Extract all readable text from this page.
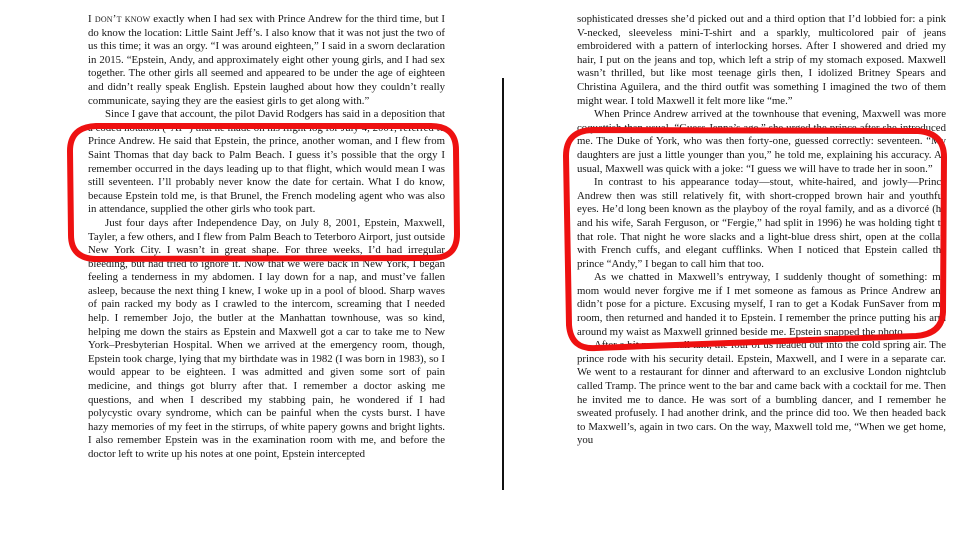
I don’t know exactly when I had sex with Prince Andrew for the third time, but I do know the location: Little Saint Jeff’s. I also know that it was not just the two of us this time; it was an orgy. “I was around eighteen,” I said in a sworn declaration in 2015. “Epstein, Andy, and approximately eight other young girls, and I had sex together. The other girls all seemed and appeared to be under the age of eighteen and didn’t really speak English. Epstein laughed about how they couldn’t really communicate, saying they are the easiest girls to get along with.”

Since I gave that account, the pilot David Rodgers has said in a deposition that a coded notation (“AP”) that he made on his flight log for July 4, 2001, referred to Prince Andrew. He said that Epstein, the prince, another woman, and I flew from Saint Thomas that day back to Palm Beach. I guess it’s possible that the orgy I remember occurred in the days leading up to that flight, which would mean I was still seventeen. I’ll probably never know the date for certain. What I do know, because Epstein told me, is that Brunel, the French modeling agent who was also in attendance, supplied the other girls who took part.

Just four days after Independence Day, on July 8, 2001, Epstein, Maxwell, Tayler, a few others, and I flew from Palm Beach to Teterboro Airport, just outside New York City. I wasn’t in great shape. For three weeks, I’d had irregular bleeding, but had tried to ignore it. Now that we were back in New York, I began feeling a tenderness in my abdomen. I lay down for a nap, and must’ve fallen asleep, because the next thing I knew, I woke up in a pool of blood. Sharp waves of pain racked my body as I crawled to the intercom, screaming that I needed help. I remember Jojo, the butler at the Manhattan townhouse, was so kind, helping me down the stairs as Epstein and Maxwell got a car to take me to New York–Presbyterian Hospital. When we arrived at the emergency room, though, Epstein took charge, lying that my birthdate was in 1982 (I was born in 1983), so I would appear to be eighteen. I was admitted and given some sort of pain medicine, and things got blurry after that. I remember a doctor asking me questions, and when I described my stabbing pain, he wondered if I had polycystic ovary syndrome, which can be painful when the cysts burst. I have hazy memories of my feet in the stirrups, of white papery gowns and bright lights. I also remember Epstein was in the examination room with me, and before the doctor left to write up his notes at one point, Epstein intercepted

sophisticated dresses she’d picked out and a third option that I’d lobbied for: a pink V-necked, sleeveless mini-T-shirt and a sparkly, multicolored pair of jeans embroidered with a pattern of interlocking horses. After I showered and dried my hair, I put on the jeans and top, which left a strip of my stomach exposed. Maxwell wasn’t thrilled, but like most teenage girls then, I idolized Britney Spears and Christina Aguilera, and the third outfit was something I imagined the two of them might wear. I told Maxwell it felt more like “me.”

When Prince Andrew arrived at the townhouse that evening, Maxwell was more coquettish than usual. “Guess Jenna’s age,” she urged the prince after she introduced me. The Duke of York, who was then forty-one, guessed correctly: seventeen. “My daughters are just a little younger than you,” he told me, explaining his accuracy. As usual, Maxwell was quick with a joke: “I guess we will have to trade her in soon.”

In contrast to his appearance today—stout, white-haired, and jowly—Prince Andrew then was still relatively fit, with short-cropped brown hair and youthful eyes. He’d long been known as the playboy of the royal family, and as a divorcé (he and his wife, Sarah Ferguson, or “Fergie,” had split in 1996) he was holding tight to that role. That night he wore slacks and a light-blue dress shirt, open at the collar, with French cuffs, and elegant cufflinks. When I noticed that Epstein called the prince “Andy,” I began to call him that too.

As we chatted in Maxwell’s entryway, I suddenly thought of something: my mom would never forgive me if I met someone as famous as Prince Andrew and didn’t pose for a picture. Excusing myself, I ran to get a Kodak FunSaver from my room, then returned and handed it to Epstein. I remember the prince putting his arm around my waist as Maxwell grinned beside me. Epstein snapped the photo.

After a bit more small talk, the four of us headed out into the cold spring air. The prince rode with his security detail. Epstein, Maxwell, and I were in a separate car. We went to a restaurant for dinner and afterward to an exclusive London nightclub called Tramp. The prince went to the bar and came back with a cocktail for me. Then he invited me to dance. He was sort of a bumbling dancer, and I remember he sweated profusely. I had another drink, and the prince did too. We then headed back to Maxwell’s, again in two cars. On the way, Maxwell told me, “When we get home, you
